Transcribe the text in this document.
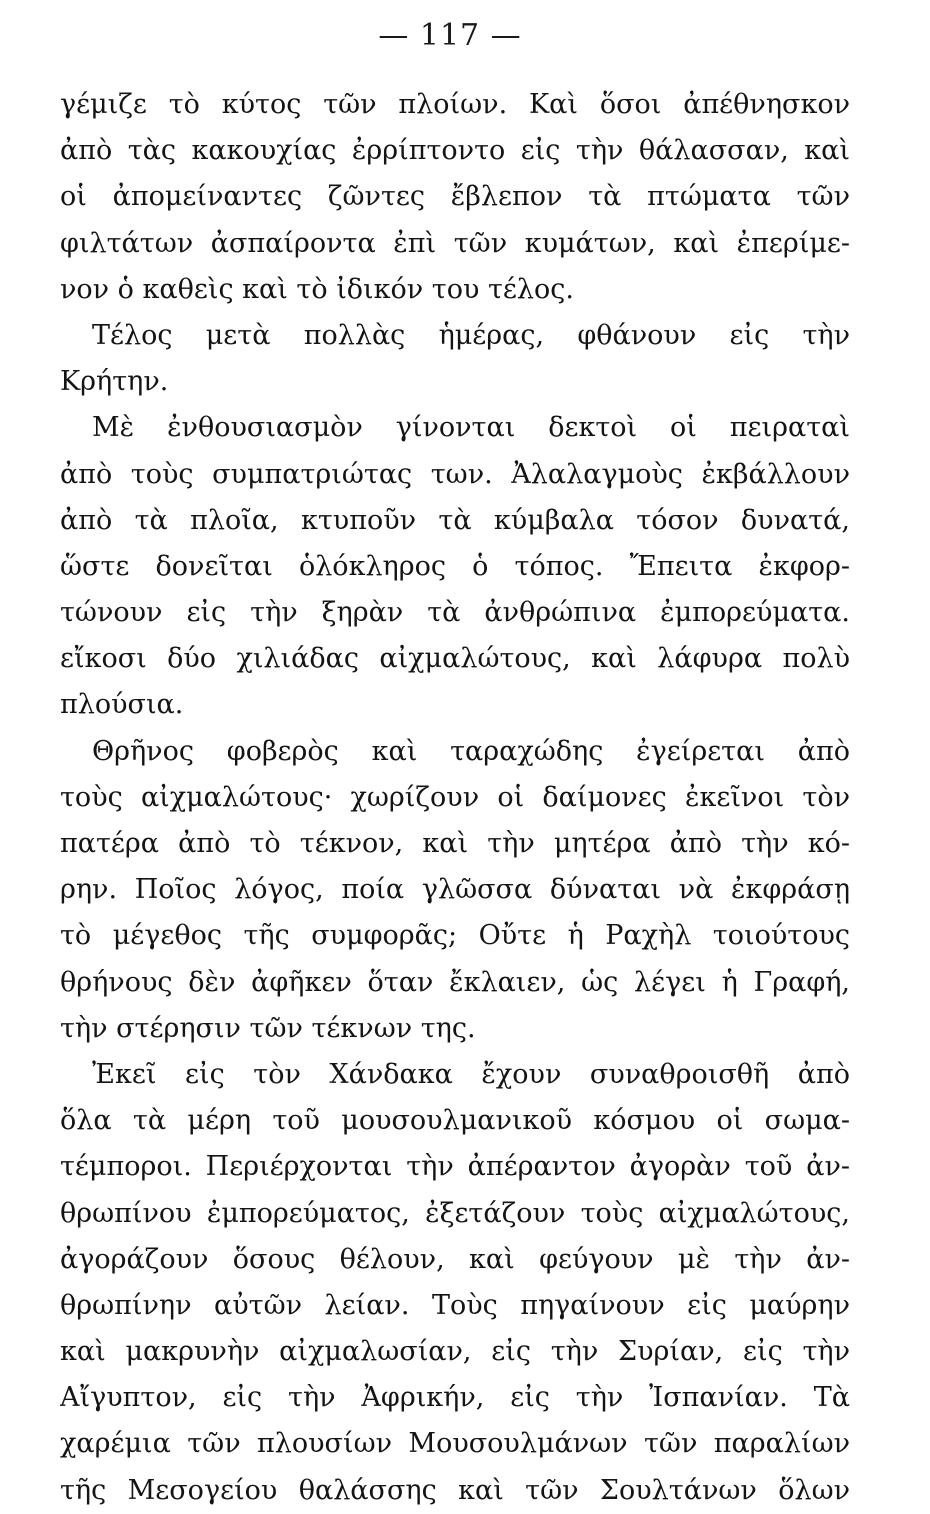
— 117 —
γέμιζε τὸ κύτος τῶν πλοίων. Καὶ ὅσοι ἀπέθνησκον
ἀπὸ τὰς κακουχίας ἐρρίπτοντο εἰς τὴν θάλασσαν, καὶ
οἱ ἀπομείναντες ζῶντες ἔβλεπον τὰ πτώματα τῶν
φιλτάτων ἀσπαίροντα ἐπὶ τῶν κυμάτων, καὶ ἐπερίμε-
νον ὁ καθεὶς καὶ τὸ ἰδικόν του τέλος.
Τέλος μετὰ πολλὰς ἡμέρας, φθάνουν εἰς τὴν
Κρήτην.
Μὲ ἐνθουσιασμὸν γίνονται δεκτοὶ οἱ πειραταὶ
ἀπὸ τοὺς συμπατριώτας των. Ἀλαλαγμοὺς ἐκβάλλουν
ἀπὸ τὰ πλοῖα, κτυποῦν τὰ κύμβαλα τόσον δυνατά,
ὥστε δονεῖται ὁλόκληρος ὁ τόπος. Ἔπειτα ἐκφορ-
τώνουν εἰς τὴν ξηρὰν τὰ ἀνθρώπινα ἐμπορεύματα.
εἴκοσι δύο χιλιάδας αἰχμαλώτους, καὶ λάφυρα πολὺ
πλούσια.
Θρῆνος φοβερὸς καὶ ταραχώδης ἐγείρεται ἀπὸ
τοὺς αἰχμαλώτους· χωρίζουν οἱ δαίμονες ἐκεῖνοι τὸν
πατέρα ἀπὸ τὸ τέκνον, καὶ τὴν μητέρα ἀπὸ τὴν κό-
ρην. Ποῖος λόγος, ποία γλῶσσα δύναται νὰ ἐκφράσῃ
τὸ μέγεθος τῆς συμφορᾶς; Οὔτε ἡ Ραχὴλ τοιούτους
θρήνους δὲν ἀφῆκεν ὅταν ἔκλαιεν, ὡς λέγει ἡ Γραφή,
τὴν στέρησιν τῶν τέκνων της.
Ἐκεῖ εἰς τὸν Χάνδακα ἔχουν συναθροισθῆ ἀπὸ
ὅλα τὰ μέρη τοῦ μουσουλμανικοῦ κόσμου οἱ σωμα-
τέμποροι. Περιέρχονται τὴν ἀπέραντον ἀγορὰν τοῦ ἀν-
θρωπίνου ἐμπορεύματος, ἐξετάζουν τοὺς αἰχμαλώτους,
ἀγοράζουν ὅσους θέλουν, καὶ φεύγουν μὲ τὴν ἀν-
θρωπίνην αὐτῶν λείαν. Τοὺς πηγαίνουν εἰς μαύρην
καὶ μακρυνὴν αἰχμαλωσίαν, εἰς τὴν Συρίαν, εἰς τὴν
Αἴγυπτον, εἰς τὴν Ἀφρικήν, εἰς τὴν Ἰσπανίαν. Τὰ
χαρέμια τῶν πλουσίων Μουσουλμάνων τῶν παραλίων
τῆς Μεσογείου θαλάσσης καὶ τῶν Σουλτάνων ὅλων
